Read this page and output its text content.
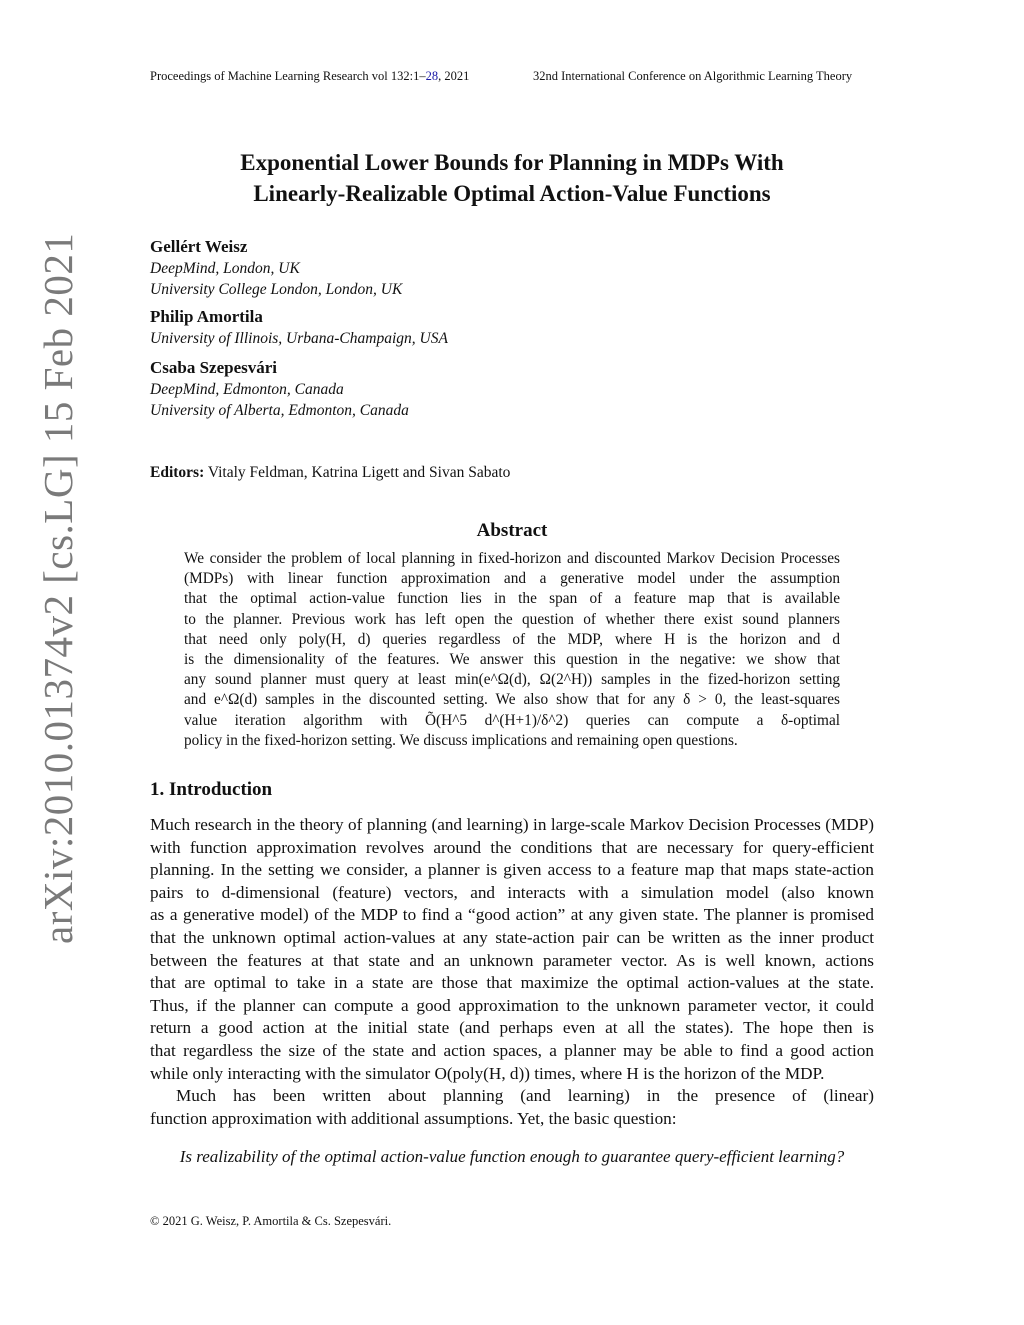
Proceedings of Machine Learning Research vol 132:1–28, 2021	32nd International Conference on Algorithmic Learning Theory
arXiv:2010.01374v2 [cs.LG] 15 Feb 2021
Exponential Lower Bounds for Planning in MDPs With
Linearly-Realizable Optimal Action-Value Functions
Gellért Weisz
DeepMind, London, UK
University College London, London, UK
Philip Amortila
University of Illinois, Urbana-Champaign, USA
Csaba Szepesvári
DeepMind, Edmonton, Canada
University of Alberta, Edmonton, Canada
Editors: Vitaly Feldman, Katrina Ligett and Sivan Sabato
Abstract
We consider the problem of local planning in fixed-horizon and discounted Markov Decision Processes
(MDPs) with linear function approximation and a generative model under the assumption
that the optimal action-value function lies in the span of a feature map that is available
to the planner. Previous work has left open the question of whether there exist sound planners
that need only poly(H, d) queries regardless of the MDP, where H is the horizon and d
is the dimensionality of the features. We answer this question in the negative: we show that
any sound planner must query at least min(e^Ω(d), Ω(2^H)) samples in the fized-horizon setting
and e^Ω(d) samples in the discounted setting. We also show that for any δ > 0, the least-squares
value iteration algorithm with Õ(H^5 d^(H+1)/δ^2) queries can compute a δ-optimal
policy in the fixed-horizon setting. We discuss implications and remaining open questions.
1. Introduction
Much research in the theory of planning (and learning) in large-scale Markov Decision Processes (MDP)
with function approximation revolves around the conditions that are necessary for query-efficient
planning. In the setting we consider, a planner is given access to a feature map that maps state-action
pairs to d-dimensional (feature) vectors, and interacts with a simulation model (also known
as a generative model) of the MDP to find a “good action” at any given state. The planner is promised
that the unknown optimal action-values at any state-action pair can be written as the inner product
between the features at that state and an unknown parameter vector. As is well known, actions
that are optimal to take in a state are those that maximize the optimal action-values at the state.
Thus, if the planner can compute a good approximation to the unknown parameter vector, it could
return a good action at the initial state (and perhaps even at all the states). The hope then is
that regardless the size of the state and action spaces, a planner may be able to find a good action
while only interacting with the simulator O(poly(H, d)) times, where H is the horizon of the MDP.
Much has been written about planning (and learning) in the presence of (linear)
function approximation with additional assumptions. Yet, the basic question:
Is realizability of the optimal action-value function enough to guarantee query-efficient learning?
© 2021 G. Weisz, P. Amortila & Cs. Szepesvári.
